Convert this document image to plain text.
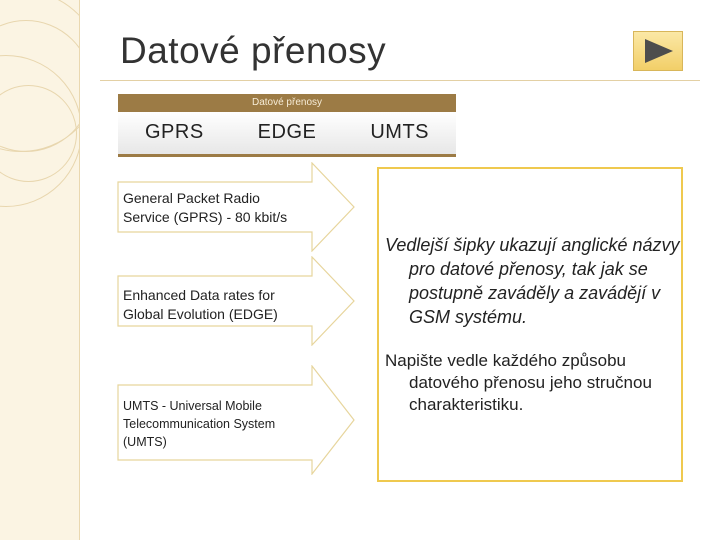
Datové přenosy
Datové přenosy
GPRS	EDGE	UMTS
General Packet Radio
Service (GPRS) - 80 kbit/s
Enhanced Data rates for
Global Evolution (EDGE)
UMTS - Universal Mobile
Telecommunication System
(UMTS)
Vedlejší šipky ukazují anglické názvy pro datové přenosy, tak jak se postupně zaváděly a zavádějí v GSM systému.
Napište vedle každého způsobu datového přenosu jeho stručnou charakteristiku.
